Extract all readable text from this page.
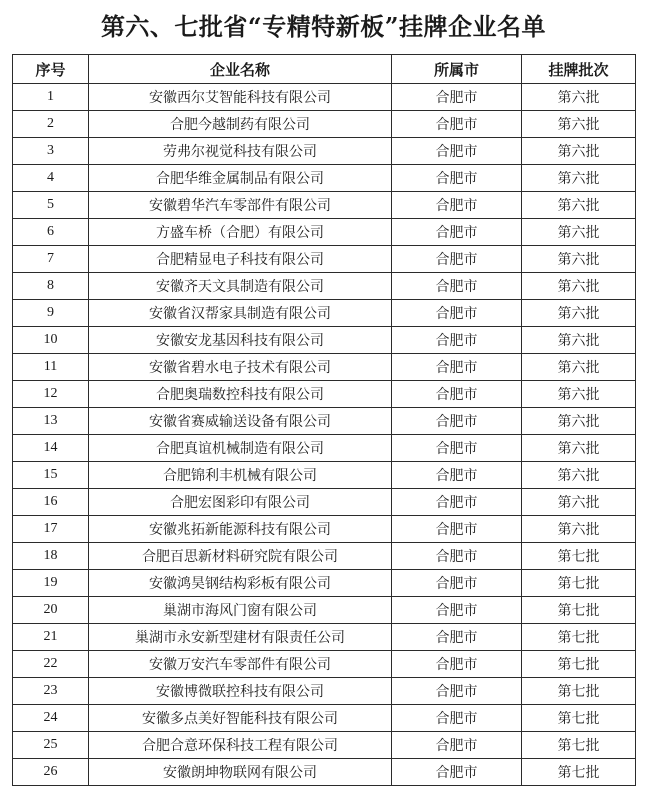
第六、七批省“专精特新板”挂牌企业名单
序号	企业名称	所属市	挂牌批次
1	安徽西尔艾智能科技有限公司	合肥市	第六批
2	合肥今越制药有限公司	合肥市	第六批
3	劳弗尔视觉科技有限公司	合肥市	第六批
4	合肥华维金属制品有限公司	合肥市	第六批
5	安徽碧华汽车零部件有限公司	合肥市	第六批
6	方盛车桥（合肥）有限公司	合肥市	第六批
7	合肥精显电子科技有限公司	合肥市	第六批
8	安徽齐天文具制造有限公司	合肥市	第六批
9	安徽省汉帮家具制造有限公司	合肥市	第六批
10	安徽安龙基因科技有限公司	合肥市	第六批
11	安徽省碧水电子技术有限公司	合肥市	第六批
12	合肥奥瑞数控科技有限公司	合肥市	第六批
13	安徽省赛威输送设备有限公司	合肥市	第六批
14	合肥真谊机械制造有限公司	合肥市	第六批
15	合肥锦利丰机械有限公司	合肥市	第六批
16	合肥宏图彩印有限公司	合肥市	第六批
17	安徽兆拓新能源科技有限公司	合肥市	第六批
18	合肥百思新材料研究院有限公司	合肥市	第七批
19	安徽鸿昊钢结构彩板有限公司	合肥市	第七批
20	巢湖市海风门窗有限公司	合肥市	第七批
21	巢湖市永安新型建材有限责任公司	合肥市	第七批
22	安徽万安汽车零部件有限公司	合肥市	第七批
23	安徽博微联控科技有限公司	合肥市	第七批
24	安徽多点美好智能科技有限公司	合肥市	第七批
25	合肥合意环保科技工程有限公司	合肥市	第七批
26	安徽朗坤物联网有限公司	合肥市	第七批
